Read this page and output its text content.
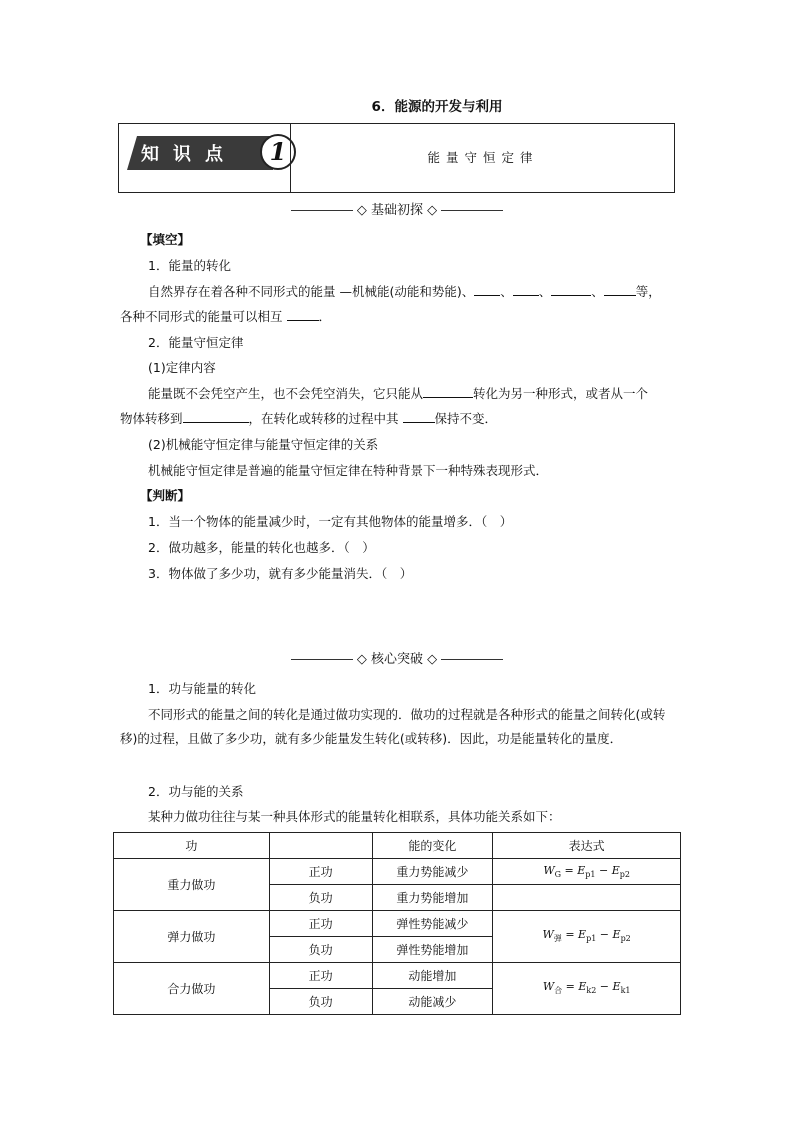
6．能源的开发与利用
知识点	1	能量守恒定律
◇ 基础初探 ◇
【填空】
1．能量的转化
自然界存在着各种不同形式的能量 —机械能(动能和势能)、 、 、	、	等，
各种不同形式的能量可以相互	．
2．能量守恒定律
(1)定律内容
能量既不会凭空产生，也不会凭空消失，它只能从	转化为另一种形式，或者从一个
物体转移到	，在转化或转移的过程中其	保持不变．
(2)机械能守恒定律与能量守恒定律的关系
机械能守恒定律是普遍的能量守恒定律在特种背景下一种特殊表现形式．
【判断】
1．当一个物体的能量减少时，一定有其他物体的能量增多．（　）
2．做功越多，能量的转化也越多．（　）
3．物体做了多少功，就有多少能量消失．（　）
◇ 核心突破 ◇
1．功与能量的转化
不同形式的能量之间的转化是通过做功实现的．做功的过程就是各种形式的能量之间转化(或转移)的过程，且做了多少功，就有多少能量发生转化(或转移)．因此，功是能量转化的量度．
2．功与能的关系
某种力做功往往与某一种具体形式的能量转化相联系，具体功能关系如下：
功		能的变化	表达式
重力做功	正功	重力势能减少	$W_G = E_{p1} - E_{p2}$
	负功	重力势能增加	
弹力做功	正功	弹性势能减少	$W_弹 = E_{p1} - E_{p2}$
	负功	弹性势能增加	
合力做功	正功	动能增加	$W_合 = E_{k2} - E_{k1}$
	负功	动能减少	
